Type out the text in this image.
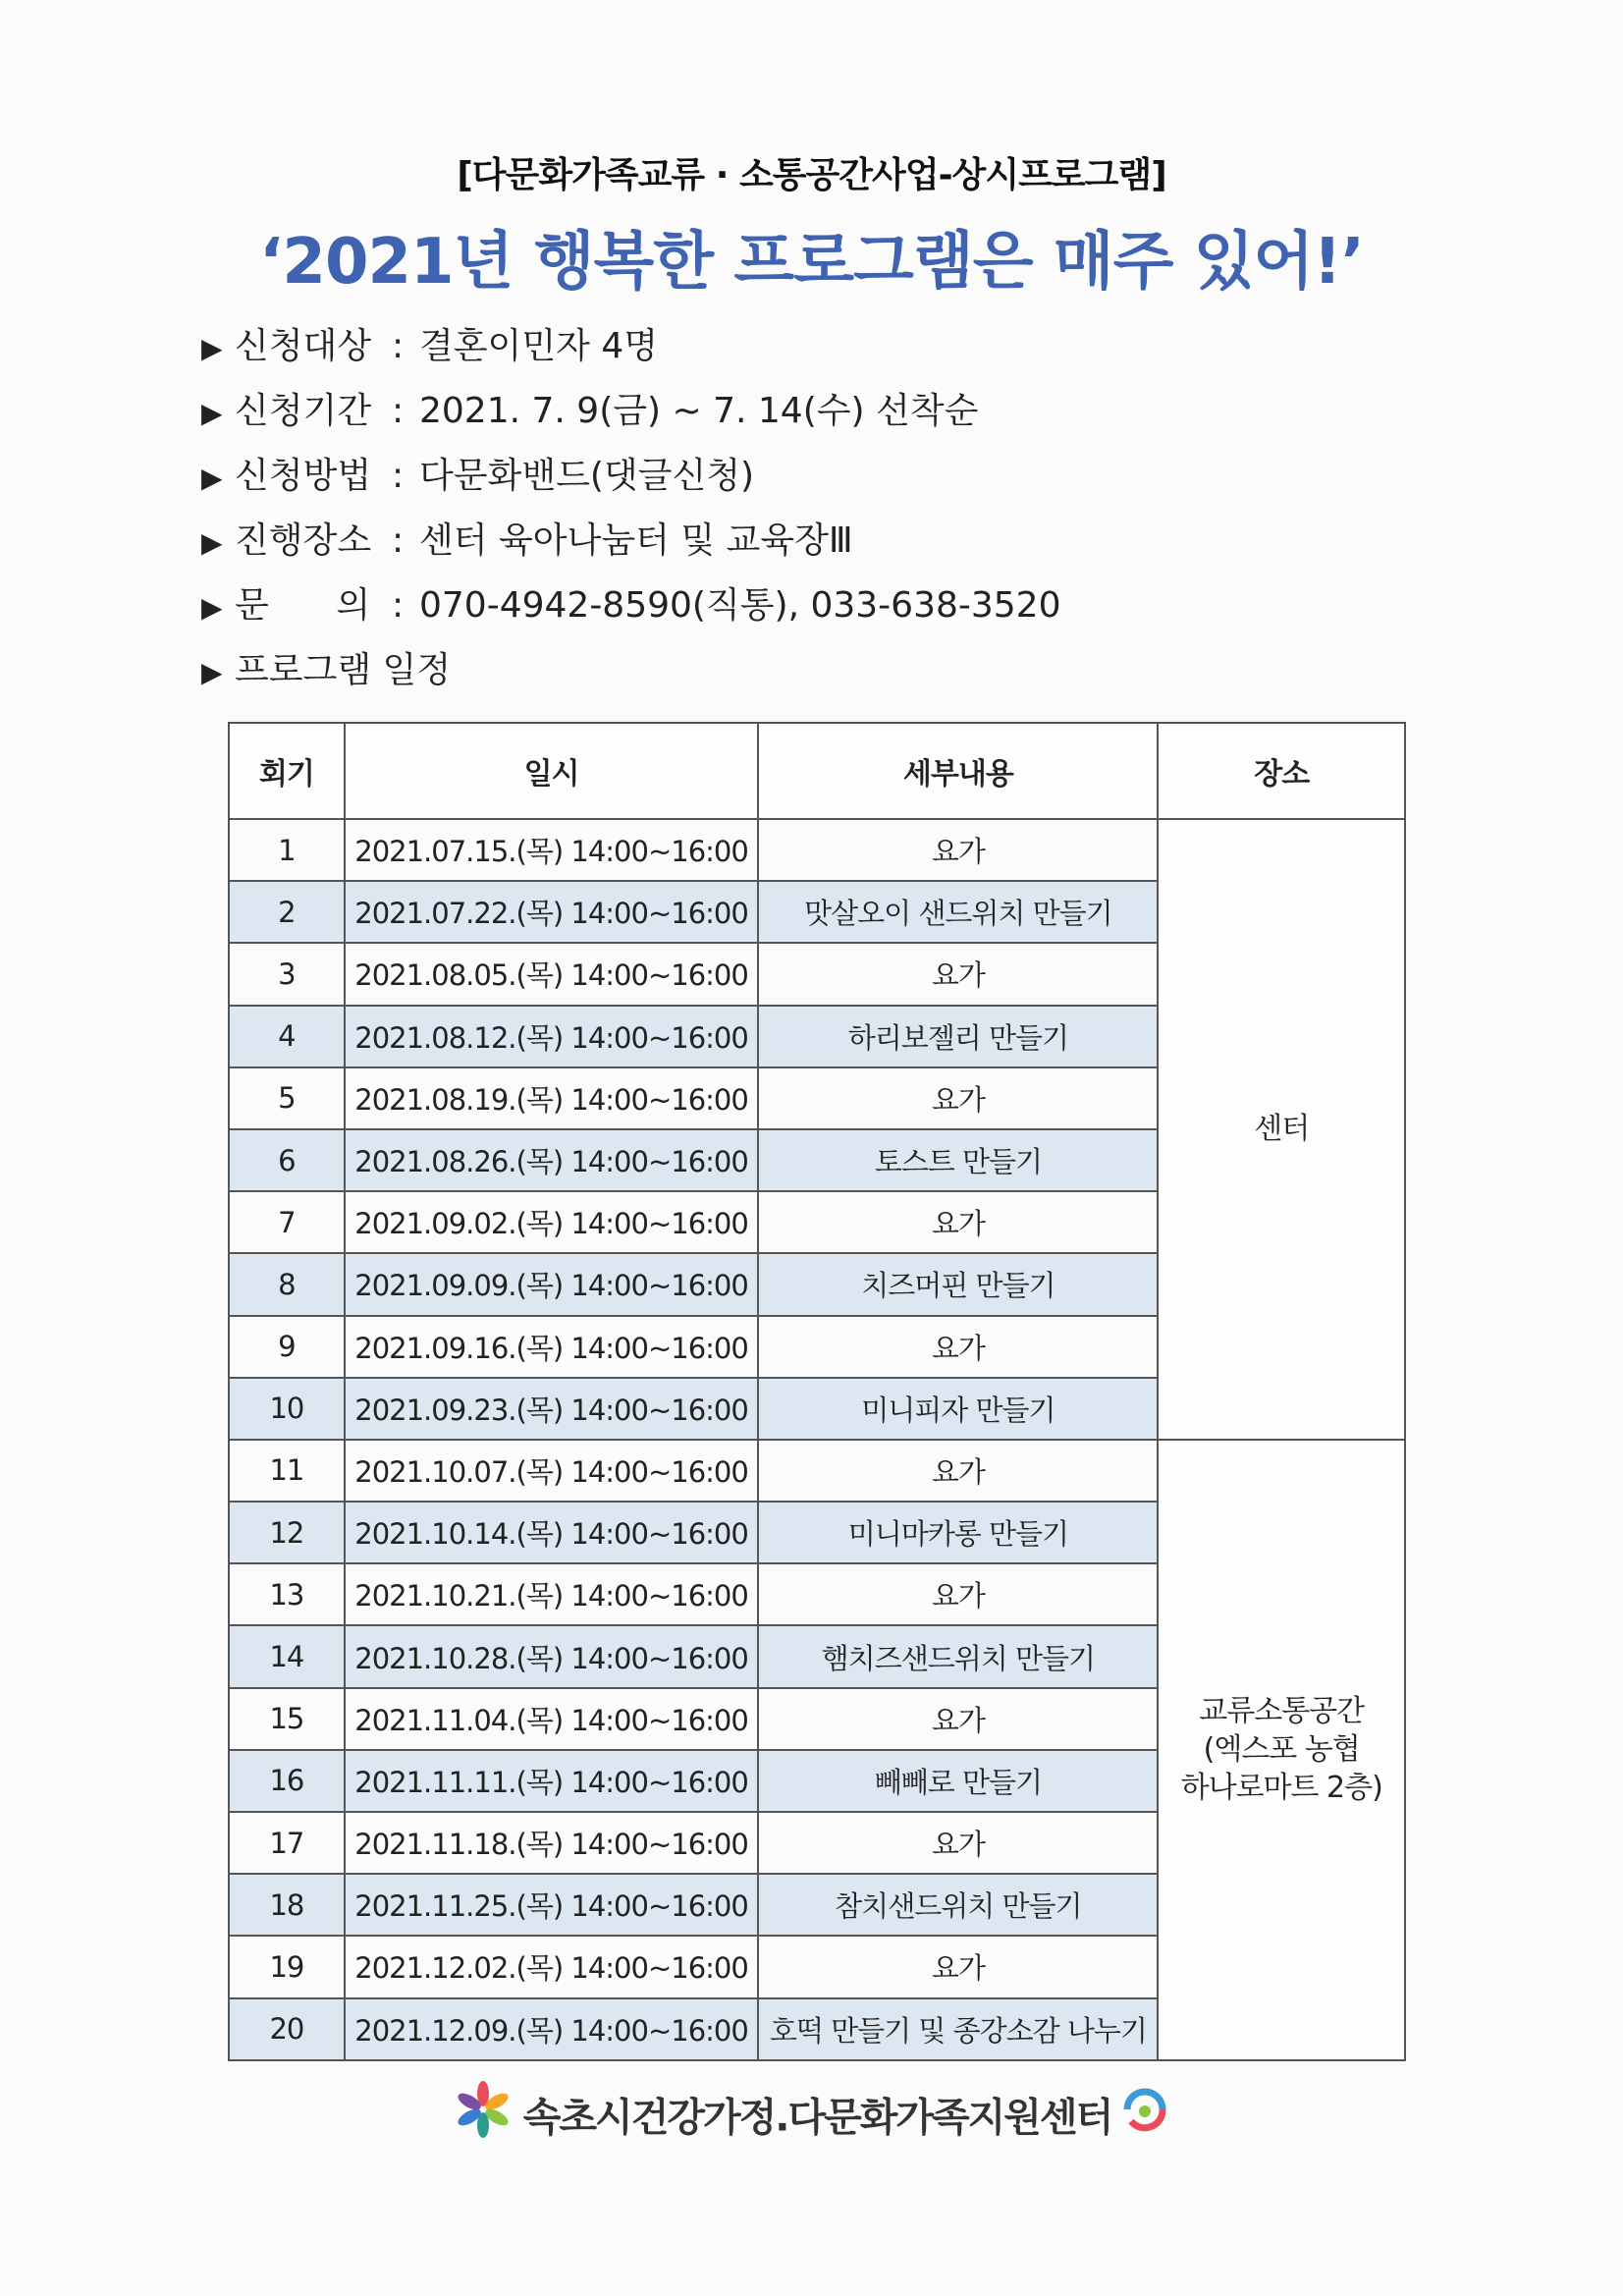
[다문화가족교류 · 소통공간사업-상시프로그램]
‘2021년 행복한 프로그램은 매주 있어!’
▶ 신청대상 : 결혼이민자 4명
▶ 신청기간 : 2021. 7. 9(금) ~ 7. 14(수) 선착순
▶ 신청방법 : 다문화밴드(댓글신청)
▶ 진행장소 : 센터 육아나눔터 및 교육장Ⅲ
▶ 문      의 : 070-4942-8590(직통), 033-638-3520
▶ 프로그램 일정
회기	일시	세부내용	장소
1	2021.07.15.(목) 14:00~16:00	요가	센터

2	2021.07.22.(목) 14:00~16:00	맛살오이 샌드위치 만들기	
3	2021.08.05.(목) 14:00~16:00	요가	
4	2021.08.12.(목) 14:00~16:00	하리보젤리 만들기	
5	2021.08.19.(목) 14:00~16:00	요가	
6	2021.08.26.(목) 14:00~16:00	토스트 만들기	
7	2021.09.02.(목) 14:00~16:00	요가	
8	2021.09.09.(목) 14:00~16:00	치즈머핀 만들기	
9	2021.09.16.(목) 14:00~16:00	요가	
10	2021.09.23.(목) 14:00~16:00	미니피자 만들기	
11	2021.10.07.(목) 14:00~16:00	요가	교류소통공간
(엑스포 농협
하나로마트 2층)

12	2021.10.14.(목) 14:00~16:00	미니마카롱 만들기	
13	2021.10.21.(목) 14:00~16:00	요가	
14	2021.10.28.(목) 14:00~16:00	햄치즈샌드위치 만들기	
15	2021.11.04.(목) 14:00~16:00	요가	
16	2021.11.11.(목) 14:00~16:00	빼빼로 만들기	
17	2021.11.18.(목) 14:00~16:00	요가	
18	2021.11.25.(목) 14:00~16:00	참치샌드위치 만들기	
19	2021.12.02.(목) 14:00~16:00	요가	
20	2021.12.09.(목) 14:00~16:00	호떡 만들기 및 종강소감 나누기	
속초시건강가정.다문화가족지원센터
